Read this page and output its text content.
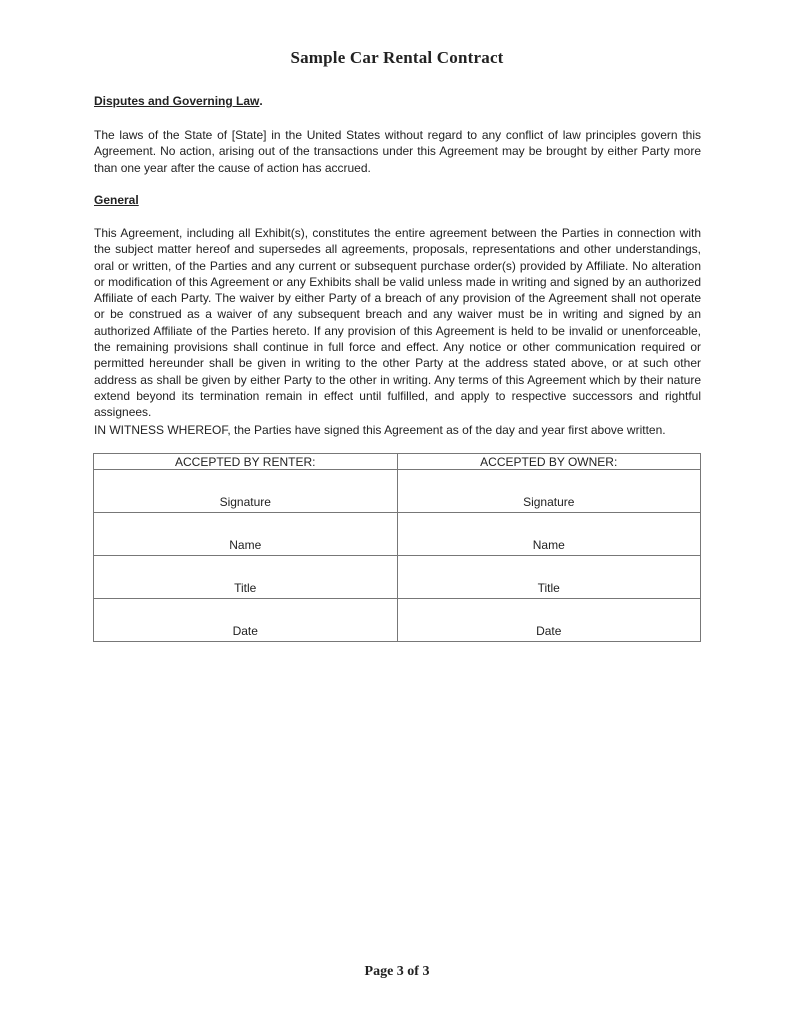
Sample Car Rental Contract
Disputes and Governing Law.

The laws of the State of [State] in the United States without regard to any conflict of law principles govern this Agreement. No action, arising out of the transactions under this Agreement may be brought by either Party more than one year after the cause of action has accrued.

General

This Agreement, including all Exhibit(s), constitutes the entire agreement between the Parties in connection with the subject matter hereof and supersedes all agreements, proposals, representations and other understandings, oral or written, of the Parties and any current or subsequent purchase order(s) provided by Affiliate. No alteration or modification of this Agreement or any Exhibits shall be valid unless made in writing and signed by an authorized Affiliate of each Party. The waiver by either Party of a breach of any provision of the Agreement shall not operate or be construed as a waiver of any subsequent breach and any waiver must be in writing and signed by an authorized Affiliate of the Parties hereto. If any provision of this Agreement is held to be invalid or unenforceable, the remaining provisions shall continue in full force and effect. Any notice or other communication required or permitted hereunder shall be given in writing to the other Party at the address stated above, or at such other address as shall be given by either Party to the other in writing. Any terms of this Agreement which by their nature extend beyond its termination remain in effect until fulfilled, and apply to respective successors and rightful assignees.

IN WITNESS WHEREOF, the Parties have signed this Agreement as of the day and year first above written.

ACCEPTED BY RENTER:	ACCEPTED BY OWNER:
Signature	Signature
Name	Name
Title	Title
Date	Date
Page 3 of 3
